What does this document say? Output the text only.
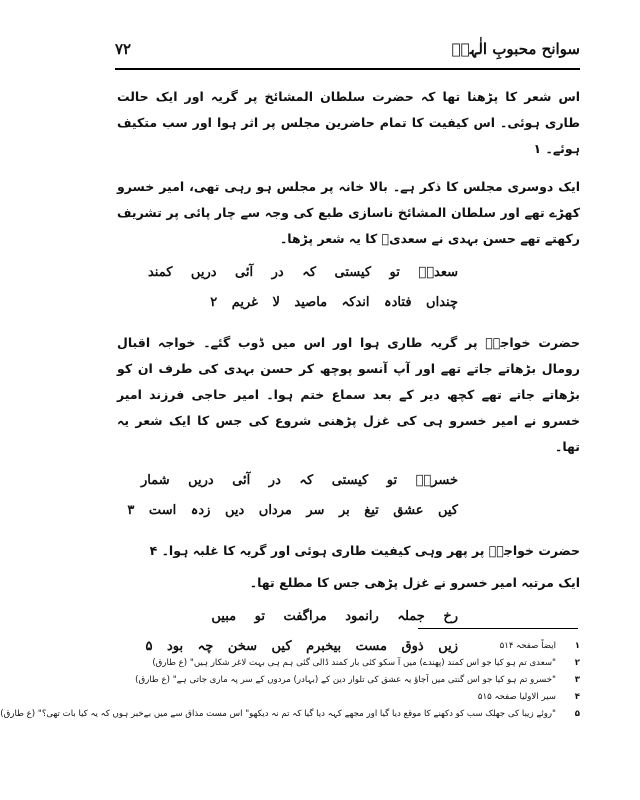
سوانح محبوبِ الٰہیؒ
۷۲

اس شعر کا پڑھنا تھا کہ حضرت سلطان المشائخ پر گریہ اور ایک حالت طاری ہوئی۔ اس کیفیت کا تمام حاضرین مجلس پر اثر ہوا اور سب متکیف ہوئے۔ ۱

ایک دوسری مجلس کا ذکر ہے۔ بالا خانہ پر مجلس ہو رہی تھی، امیر خسرو کھڑے تھے اور سلطان المشائخ ناسازی طبع کی وجہ سے چار پائی پر تشریف رکھتے تھے حسن بہدی نے سعدیؒ کا یہ شعر پڑھا۔

سعدیؔ تو کیستی کہ در آئی دریں کمند
چنداں فتادہ اندکہ ماصید لا غریم ۲

حضرت خواجہؒ پر گریہ طاری ہوا اور اس میں ڈوب گئے۔ خواجہ اقبال رومال بڑھاتے جاتے تھے اور آپ آنسو پوچھ کر حسن بہدی کی طرف ان کو بڑھاتے جاتے تھے کچھ دیر کے بعد سماع ختم ہوا۔ امیر حاجی فرزند امیر خسرو نے امیر خسرو ہی کی غزل پڑھنی شروع کی جس کا ایک شعر یہ تھا۔

خسروؔ تو کیستی کہ در آئی دریں شمار
کیں عشق تیغ بر سر مرداں دیں زدہ است ۳

حضرت خواجہؒ پر پھر وہی کیفیت طاری ہوئی اور گریہ کا غلبہ ہوا۔ ۴

ایک مرتبہ امیر خسرو نے غزل پڑھی جس کا مطلع تھا۔

رخ جملہ رانمود مراگفت تو مبیں
زیں ذوق مست بیخبرم کیں سخن چہ بود ۵	۱
ایضاً صفحہ ۵۱۴
۲
"سعدی تم ہو کیا جو اس کمند (پھندے) میں آ سکو کئی بار کمند ڈالی گئی ہم ہی بہت لاغر شکار ہیں" (ع طارق)
۳
"خسرو تم ہو کیا جو اس گنتی میں آجاؤ یہ عشق کی تلوار دین کے (بہادر) مردوں کے سر پہ ماری جاتی ہے" (ع طارق)
۴
سیر الاولیا صفحہ ۵۱۵
۵
"روئے زیبا کی جھلک سب کو دکھنے کا موقع دیا گیا اور مجھے کہہ دیا گیا کہ تم نہ دیکھو" اس مست مذاق سے میں بےخبر ہوں کہ یہ کیا بات تھی؟" (ع طارق)
